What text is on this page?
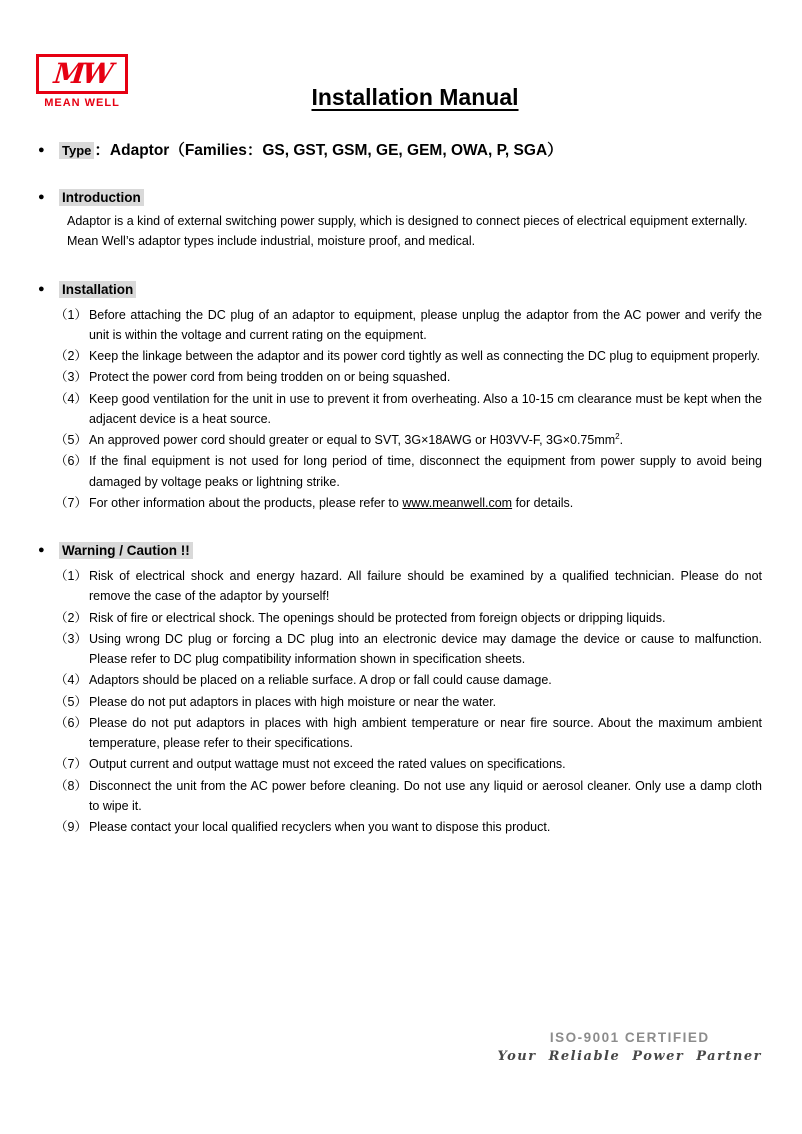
MW
MEAN WELL	Installation Manual
● Type ：Adaptor（Families：GS, GST, GSM, GE, GEM, OWA, P, SGA）
● Introduction
Adaptor is a kind of external switching power supply, which is designed to connect pieces of electrical equipment externally. Mean Well’s adaptor types include industrial, moisture proof, and medical.
● Installation
（1） Before attaching the DC plug of an adaptor to equipment, please unplug the adaptor from the AC power and verify the unit is within the voltage and current rating on the equipment.
（2） Keep the linkage between the adaptor and its power cord tightly as well as connecting the DC plug to equipment properly.
（3） Protect the power cord from being trodden on or being squashed.
（4） Keep good ventilation for the unit in use to prevent it from overheating. Also a 10-15 cm clearance must be kept when the adjacent device is a heat source.
（5） An approved power cord should greater or equal to SVT, 3G×18AWG or H03VV-F, $3G\times 0.75mm^2$.
（6） If the final equipment is not used for long period of time, disconnect the equipment from power supply to avoid being damaged by voltage peaks or lightning strike.
（7） For other information about the products, please refer to www.meanwell.com for details.
● Warning / Caution !!
（1） Risk of electrical shock and energy hazard. All failure should be examined by a qualified technician. Please do not remove the case of the adaptor by yourself!
（2） Risk of fire or electrical shock. The openings should be protected from foreign objects or dripping liquids.
（3） Using wrong DC plug or forcing a DC plug into an electronic device may damage the device or cause to malfunction. Please refer to DC plug compatibility information shown in specification sheets.
（4） Adaptors should be placed on a reliable surface. A drop or fall could cause damage.
（5） Please do not put adaptors in places with high moisture or near the water.
（6） Please do not put adaptors in places with high ambient temperature or near fire source. About the maximum ambient temperature, please refer to their specifications.
（7） Output current and output wattage must not exceed the rated values on specifications.
（8） Disconnect the unit from the AC power before cleaning. Do not use any liquid or aerosol cleaner. Only use a damp cloth to wipe it.
（9） Please contact your local qualified recyclers when you want to dispose this product.
ISO-9001 CERTIFIED
Your Reliable Power Partner
